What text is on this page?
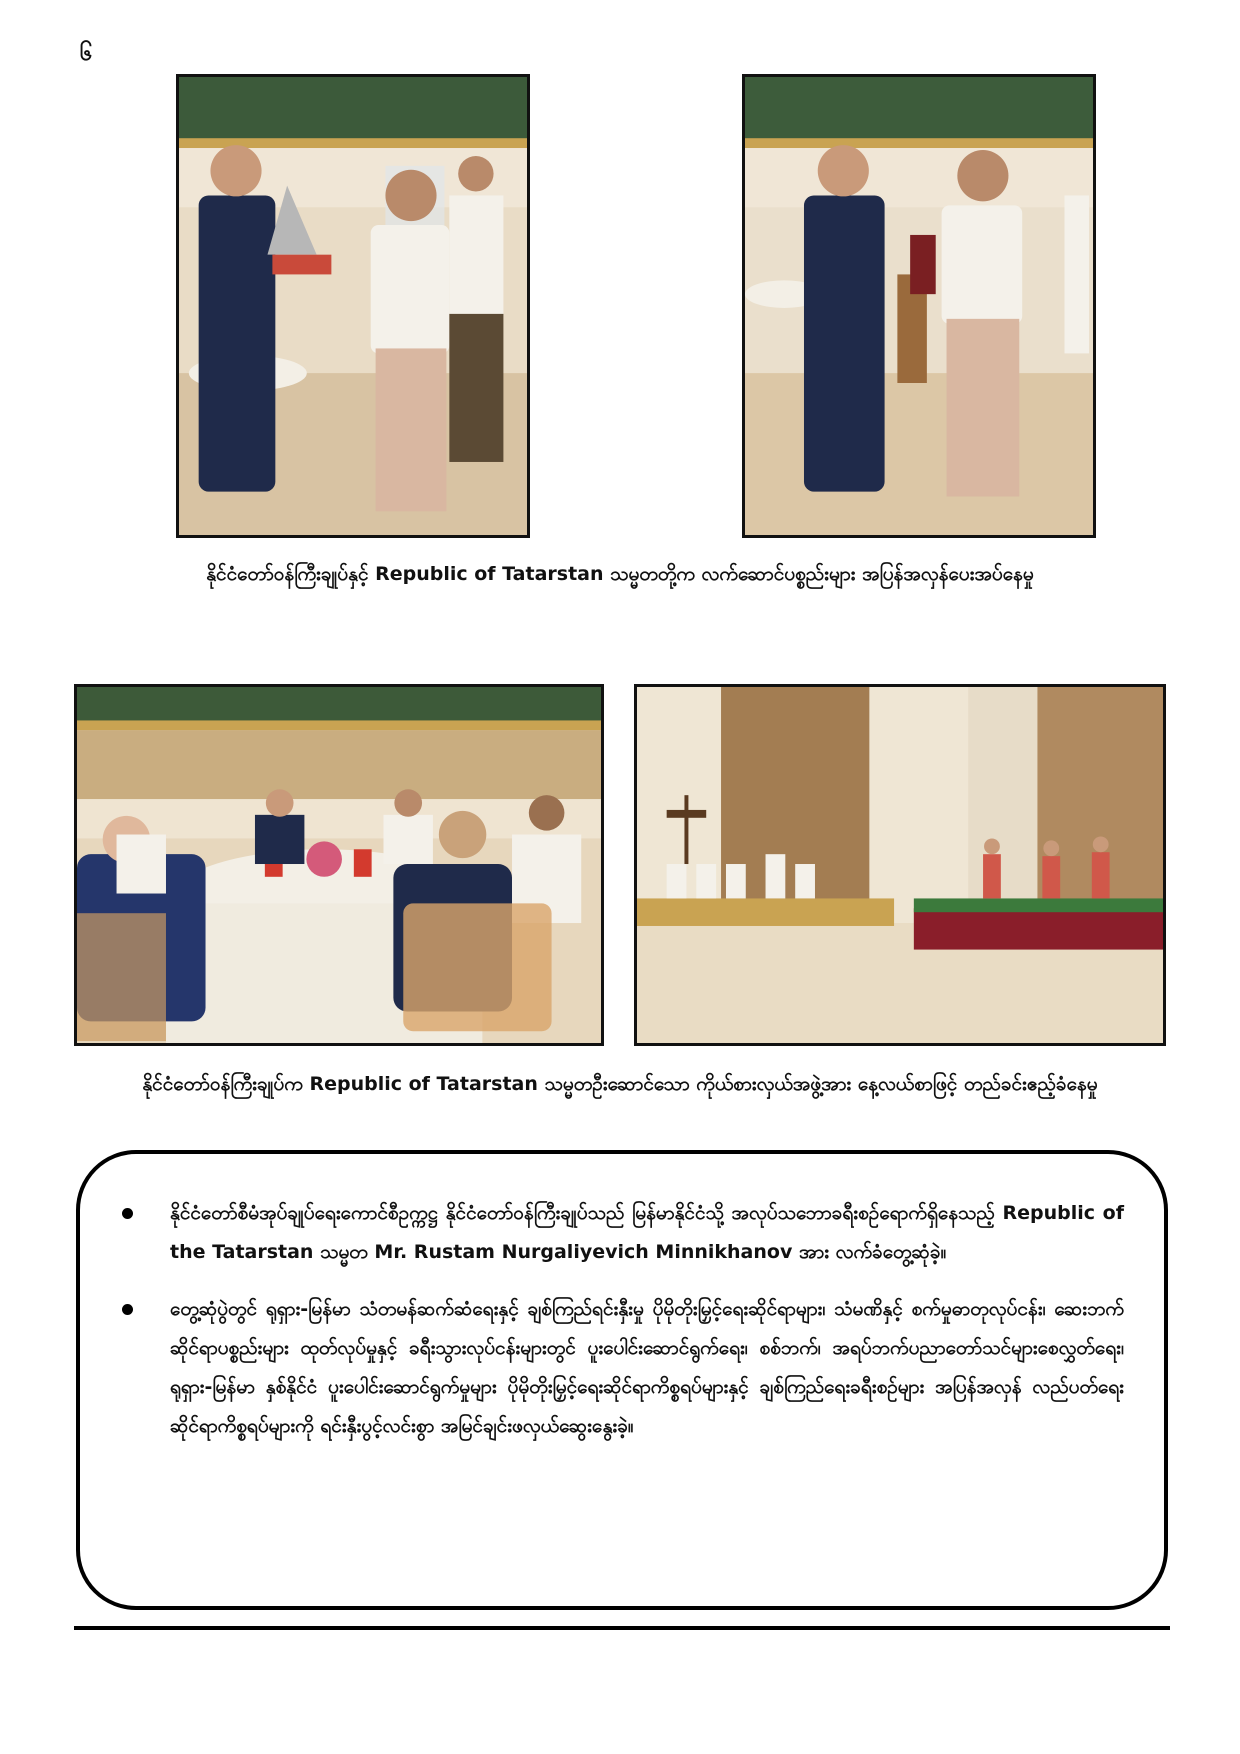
၆
နိုင်ငံတော်ဝန်ကြီးချုပ်နှင့် Republic of Tatarstan သမ္မတတို့က လက်ဆောင်ပစ္စည်းများ အပြန်အလှန်ပေးအပ်နေမှု
နိုင်ငံတော်ဝန်ကြီးချုပ်က Republic of Tatarstan သမ္မတဦးဆောင်သော ကိုယ်စားလှယ်အဖွဲ့အား နေ့လယ်စာဖြင့် တည်ခင်းဧည့်ခံနေမှု
နိုင်ငံတော်စီမံအုပ်ချုပ်ရေးကောင်စီဥက္ကဋ္ဌ နိုင်ငံတော်ဝန်ကြီးချုပ်သည် မြန်မာနိုင်ငံသို့ အလုပ်သဘောခရီးစဉ်ရောက်ရှိနေသည့် Republic of the Tatarstan သမ္မတ Mr. Rustam Nurgaliyevich Minnikhanov အား လက်ခံတွေ့ဆုံခဲ့။
တွေ့ဆုံပွဲတွင် ရုရှား-မြန်မာ သံတမန်ဆက်ဆံရေးနှင့် ချစ်ကြည်ရင်းနှီးမှု ပိုမိုတိုးမြှင့်ရေးဆိုင်ရာများ၊ သံမဏိနှင့် စက်မှုဓာတုလုပ်ငန်း၊ ဆေးဘက်ဆိုင်ရာပစ္စည်းများ ထုတ်လုပ်မှုနှင့် ခရီးသွားလုပ်ငန်းများတွင် ပူးပေါင်းဆောင်ရွက်ရေး၊ စစ်ဘက်၊ အရပ်ဘက်ပညာတော်သင်များစေလွှတ်ရေး၊ ရုရှား-မြန်မာ နှစ်နိုင်ငံ ပူးပေါင်းဆောင်ရွက်မှုများ ပိုမိုတိုးမြှင့်ရေးဆိုင်ရာကိစ္စရပ်များနှင့် ချစ်ကြည်ရေးခရီးစဉ်များ အပြန်အလှန် လည်ပတ်ရေးဆိုင်ရာကိစ္စရပ်များကို ရင်းနှီးပွင့်လင်းစွာ အမြင်ချင်းဖလှယ်ဆွေးနွေးခဲ့။
